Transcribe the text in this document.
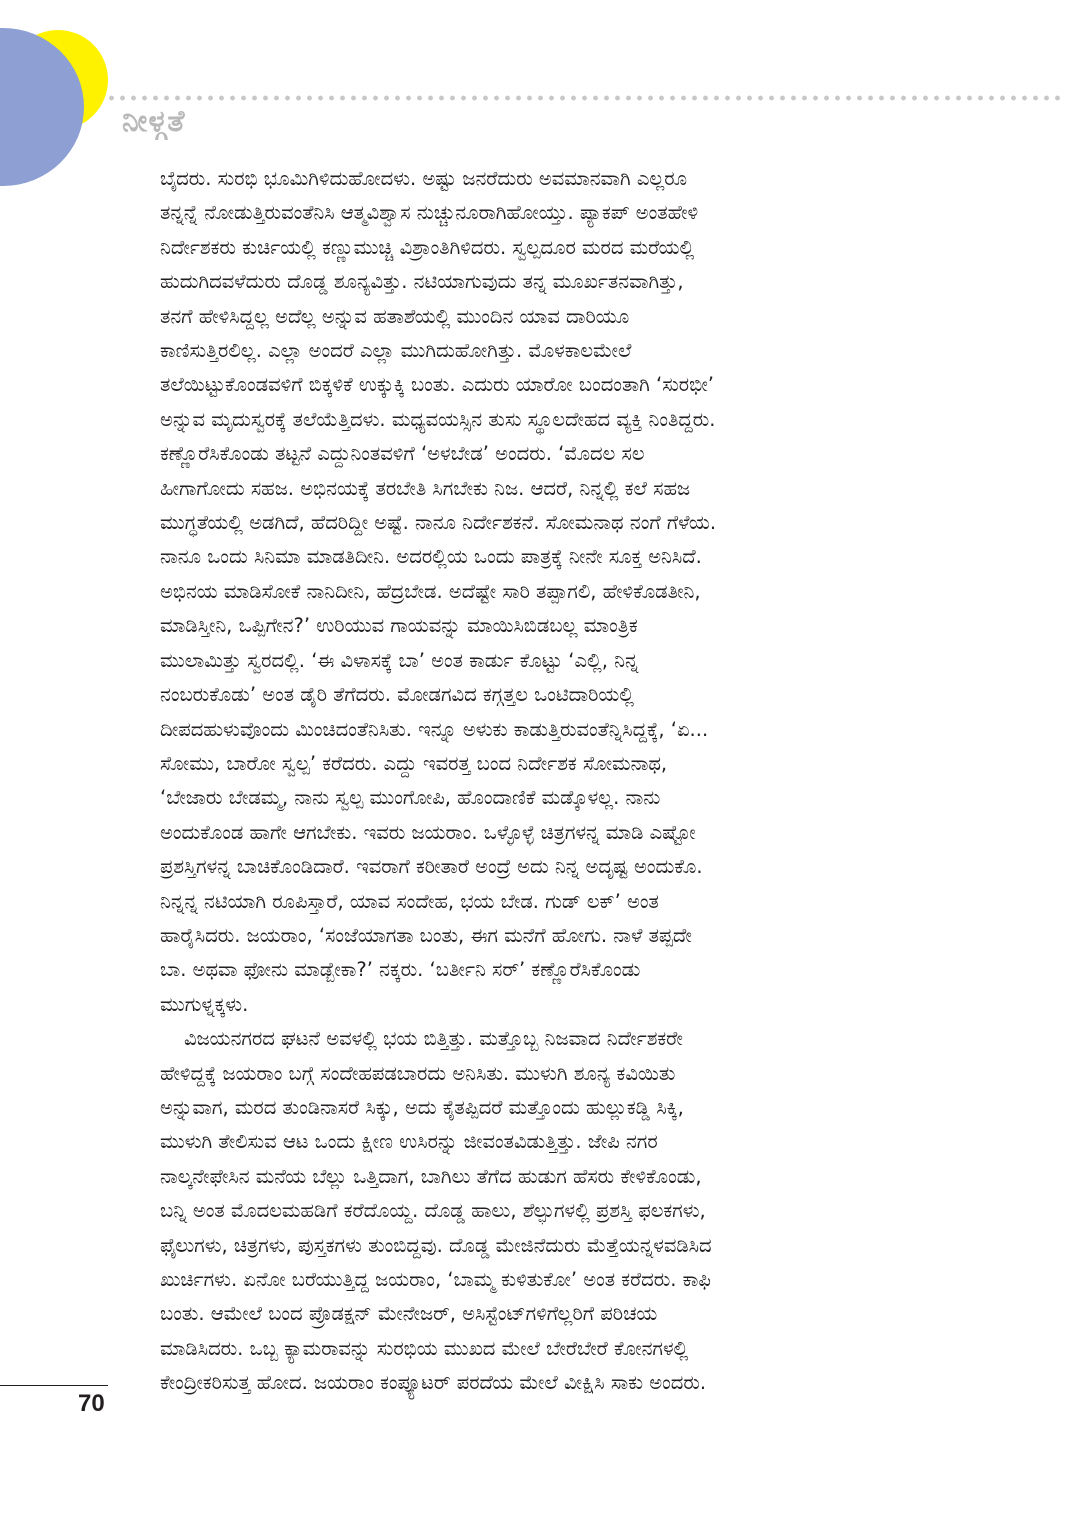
ನೀಳ್ಗತೆ
ಬೈದರು. ಸುರಭಿ ಭೂಮಿಗಿಳಿದುಹೋದಳು. ಅಷ್ಟು ಜನರೆದುರು ಅವಮಾನವಾಗಿ ಎಲ್ಲರೂ
ತನ್ನನ್ನೆ ನೋಡುತ್ತಿರುವಂತೆನಿಸಿ ಆತ್ಮವಿಶ್ವಾಸ ನುಚ್ಚುನೂರಾಗಿಹೋಯ್ತು. ಪ್ಯಾಕಪ್ ಅಂತಹೇಳಿ
ನಿರ್ದೇಶಕರು ಕುರ್ಚಿಯಲ್ಲಿ ಕಣ್ಣುಮುಚ್ಚಿ ವಿಶ್ರಾಂತಿಗಿಳಿದರು. ಸ್ವಲ್ಪದೂರ ಮರದ ಮರೆಯಲ್ಲಿ
ಹುದುಗಿದವಳೆದುರು ದೊಡ್ಡ ಶೂನ್ಯವಿತ್ತು. ನಟಿಯಾಗುವುದು ತನ್ನ ಮೂರ್ಖತನವಾಗಿತ್ತು,
ತನಗೆ ಹೇಳಿಸಿದ್ದಲ್ಲ ಅದೆಲ್ಲ ಅನ್ನುವ ಹತಾಶೆಯಲ್ಲಿ ಮುಂದಿನ ಯಾವ ದಾರಿಯೂ
ಕಾಣಿಸುತ್ತಿರಲಿಲ್ಲ. ಎಲ್ಲಾ ಅಂದರೆ ಎಲ್ಲಾ ಮುಗಿದುಹೋಗಿತ್ತು. ಮೊಳಕಾಲಮೇಲೆ
ತಲೆಯಿಟ್ಟುಕೊಂಡವಳಿಗೆ ಬಿಕ್ಕಳಿಕೆ ಉಕ್ಕುಕ್ಕಿ ಬಂತು. ಎದುರು ಯಾರೋ ಬಂದಂತಾಗಿ ‘ಸುರಭೀ’
ಅನ್ನುವ ಮೃದುಸ್ವರಕ್ಕೆ ತಲೆಯೆತ್ತಿದಳು. ಮಧ್ಯವಯಸ್ಸಿನ ತುಸು ಸ್ಥೂಲದೇಹದ ವ್ಯಕ್ತಿ ನಿಂತಿದ್ದರು.
ಕಣ್ಣೊರೆಸಿಕೊಂಡು ತಟ್ಟನೆ ಎದ್ದುನಿಂತವಳಿಗೆ ‘ಅಳಬೇಡ’ ಅಂದರು. ‘ಮೊದಲ ಸಲ
ಹೀಗಾಗೋದು ಸಹಜ. ಅಭಿನಯಕ್ಕೆ ತರಬೇತಿ ಸಿಗಬೇಕು ನಿಜ. ಆದರೆ, ನಿನ್ನಲ್ಲಿ ಕಲೆ ಸಹಜ
ಮುಗ್ಧತೆಯಲ್ಲಿ ಅಡಗಿದೆ, ಹೆದರಿದ್ದೀ ಅಷ್ಟೆ. ನಾನೂ ನಿರ್ದೇಶಕನೆ. ಸೋಮನಾಥ ನಂಗೆ ಗೆಳೆಯ.
ನಾನೂ ಒಂದು ಸಿನಿಮಾ ಮಾಡತಿದೀನಿ. ಅದರಲ್ಲಿಯ ಒಂದು ಪಾತ್ರಕ್ಕೆ ನೀನೇ ಸೂಕ್ತ ಅನಿಸಿದೆ.
ಅಭಿನಯ ಮಾಡಿಸೋಕೆ ನಾನಿದೀನಿ, ಹೆದ್ರಬೇಡ. ಅದೆಷ್ಟೇ ಸಾರಿ ತಪ್ಪಾಗಲಿ, ಹೇಳಿಕೊಡತೀನಿ,
ಮಾಡಿಸ್ತೀನಿ, ಒಪ್ಪಿಗೇನ?’ ಉರಿಯುವ ಗಾಯವನ್ನು ಮಾಯಿಸಿಬಿಡಬಲ್ಲ ಮಾಂತ್ರಿಕ
ಮುಲಾಮಿತ್ತು ಸ್ವರದಲ್ಲಿ. ‘ಈ ವಿಳಾಸಕ್ಕೆ ಬಾ’ ಅಂತ ಕಾರ್ಡು ಕೊಟ್ಟು ‘ಎಲ್ಲಿ, ನಿನ್ನ
ನಂಬರುಕೊಡು’ ಅಂತ ಡೈರಿ ತೆಗೆದರು. ಮೋಡಗವಿದ ಕಗ್ಗತ್ತಲ ಒಂಟಿದಾರಿಯಲ್ಲಿ
ದೀಪದಹುಳುವೊಂದು ಮಿಂಚಿದಂತೆನಿಸಿತು. ಇನ್ನೂ ಅಳುಕು ಕಾಡುತ್ತಿರುವಂತೆನ್ನಿಸಿದ್ದಕ್ಕೆ, ‘ಏ...
ಸೋಮು, ಬಾರೋ ಸ್ವಲ್ಪ’ ಕರೆದರು. ಎದ್ದು ಇವರತ್ತ ಬಂದ ನಿರ್ದೇಶಕ ಸೋಮನಾಥ,
‘ಬೇಜಾರು ಬೇಡಮ್ಮ, ನಾನು ಸ್ವಲ್ಪ ಮುಂಗೋಪಿ, ಹೊಂದಾಣಿಕೆ ಮಡ್ಕೊಳಲ್ಲ. ನಾನು
ಅಂದುಕೊಂಡ ಹಾಗೇ ಆಗಬೇಕು. ಇವರು ಜಯರಾಂ. ಒಳ್ಳೊಳ್ಳೆ ಚಿತ್ರಗಳನ್ನ ಮಾಡಿ ಎಷ್ಟೋ
ಪ್ರಶಸ್ತಿಗಳನ್ನ ಬಾಚಿಕೊಂಡಿದಾರೆ. ಇವರಾಗೆ ಕರೀತಾರೆ ಅಂದ್ರೆ ಅದು ನಿನ್ನ ಅದೃಷ್ಟ ಅಂದುಕೊ.
ನಿನ್ನನ್ನ ನಟಿಯಾಗಿ ರೂಪಿಸ್ತಾರೆ, ಯಾವ ಸಂದೇಹ, ಭಯ ಬೇಡ. ಗುಡ್ ಲಕ್’ ಅಂತ
ಹಾರೈಸಿದರು. ಜಯರಾಂ, ‘ಸಂಜೆಯಾಗತಾ ಬಂತು, ಈಗ ಮನೆಗೆ ಹೋಗು. ನಾಳೆ ತಪ್ಪದೇ
ಬಾ. ಅಥವಾ ಫೋನು ಮಾಡ್ಬೇಕಾ?’ ನಕ್ಕರು. ‘ಬರ್ತೀನಿ ಸರ್’ ಕಣ್ಣೊರೆಸಿಕೊಂಡು
ಮುಗುಳ್ನಕ್ಕಳು.
ವಿಜಯನಗರದ ಘಟನೆ ಅವಳಲ್ಲಿ ಭಯ ಬಿತ್ತಿತ್ತು. ಮತ್ತೊಬ್ಬ ನಿಜವಾದ ನಿರ್ದೇಶಕರೇ
ಹೇಳಿದ್ದಕ್ಕೆ ಜಯರಾಂ ಬಗ್ಗೆ ಸಂದೇಹಪಡಬಾರದು ಅನಿಸಿತು. ಮುಳುಗಿ ಶೂನ್ಯ ಕವಿಯಿತು
ಅನ್ನುವಾಗ, ಮರದ ತುಂಡಿನಾಸರೆ ಸಿಕ್ಕು, ಅದು ಕೈತಪ್ಪಿದರೆ ಮತ್ತೊಂದು ಹುಲ್ಲುಕಡ್ಡಿ ಸಿಕ್ಕಿ,
ಮುಳುಗಿ ತೇಲಿಸುವ ಆಟ ಒಂದು ಕ್ಷೀಣ ಉಸಿರನ್ನು ಜೀವಂತವಿಡುತ್ತಿತ್ತು. ಜೇಪಿ ನಗರ
ನಾಲ್ಕನೇಫೇಸಿನ ಮನೆಯ ಬೆಲ್ಲು ಒತ್ತಿದಾಗ, ಬಾಗಿಲು ತೆಗೆದ ಹುಡುಗ ಹೆಸರು ಕೇಳಿಕೊಂಡು,
ಬನ್ನಿ ಅಂತ ಮೊದಲಮಹಡಿಗೆ ಕರೆದೊಯ್ದ. ದೊಡ್ಡ ಹಾಲು, ಶೆಲ್ಫುಗಳಲ್ಲಿ ಪ್ರಶಸ್ತಿ ಫಲಕಗಳು,
ಫೈಲುಗಳು, ಚಿತ್ರಗಳು, ಪುಸ್ತಕಗಳು ತುಂಬಿದ್ದವು. ದೊಡ್ಡ ಮೇಜಿನೆದುರು ಮೆತ್ತೆಯನ್ನಳವಡಿಸಿದ
ಖುರ್ಚಿಗಳು. ಏನೋ ಬರೆಯುತ್ತಿದ್ದ ಜಯರಾಂ, ‘ಬಾಮ್ಮ ಕುಳಿತುಕೋ’ ಅಂತ ಕರೆದರು. ಕಾಫಿ
ಬಂತು. ಆಮೇಲೆ ಬಂದ ಪ್ರೊಡಕ್ಷನ್ ಮೇನೇಜರ್, ಅಸಿಸ್ಟೆಂಟ್‌ಗಳಿಗೆಲ್ಲರಿಗೆ ಪರಿಚಯ
ಮಾಡಿಸಿದರು. ಒಬ್ಬ ಕ್ಯಾಮರಾವನ್ನು ಸುರಭಿಯ ಮುಖದ ಮೇಲೆ ಬೇರೆಬೇರೆ ಕೋನಗಳಲ್ಲಿ
ಕೇಂದ್ರೀಕರಿಸುತ್ತ ಹೋದ. ಜಯರಾಂ ಕಂಪ್ಯೂಟರ್ ಪರದೆಯ ಮೇಲೆ ವೀಕ್ಷಿಸಿ ಸಾಕು ಅಂದರು.
70
